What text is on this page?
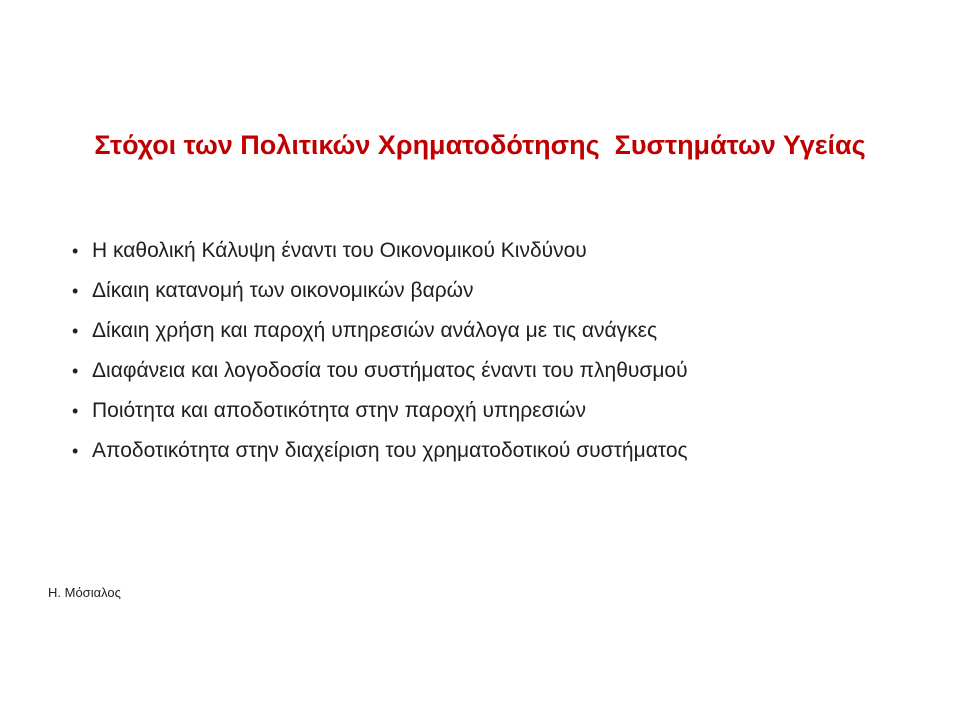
Στόχοι των Πολιτικών Χρηματοδότησης  Συστημάτων Υγείας
• Η καθολική Κάλυψη έναντι του Οικονομικού Κινδύνου
• Δίκαιη κατανομή των οικονομικών βαρών
• Δίκαιη χρήση και παροχή υπηρεσιών ανάλογα με τις ανάγκες
• Διαφάνεια και λογοδοσία του συστήματος έναντι του πληθυσμού
• Ποιότητα και αποδοτικότητα στην παροχή υπηρεσιών
• Αποδοτικότητα στην διαχείριση του χρηματοδοτικού συστήματος
Η. Μόσιαλος
